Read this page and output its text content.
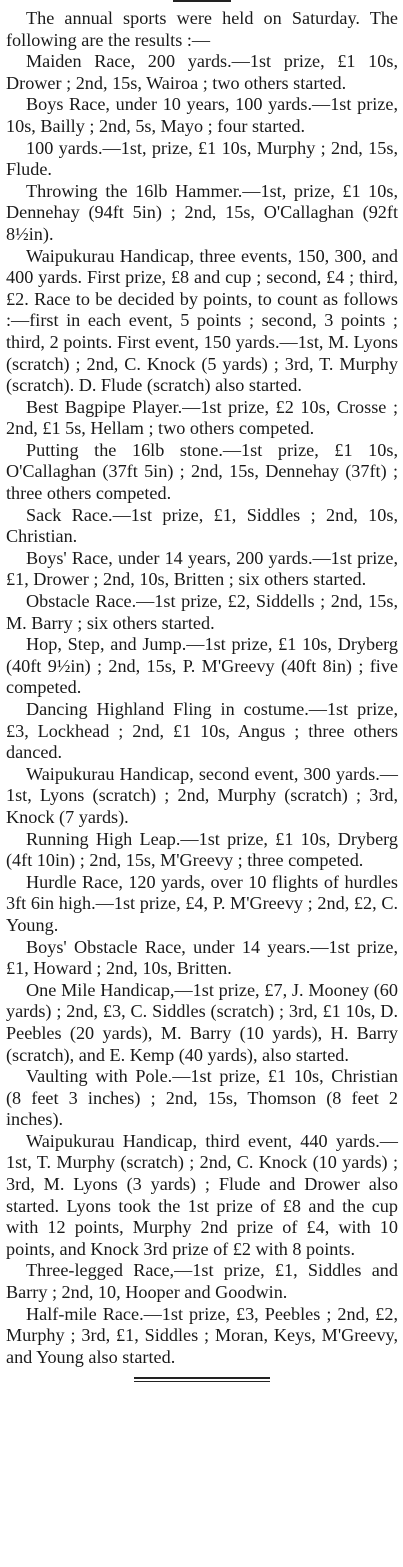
The annual sports were held on Saturday. The following are the results :—

Maiden Race, 200 yards.—1st prize, £1 10s, Drower ; 2nd, 15s, Wairoa ; two others started.

Boys Race, under 10 years, 100 yards.—1st prize, 10s, Bailly ; 2nd, 5s, Mayo ; four started.

100 yards.—1st, prize, £1 10s, Murphy ; 2nd, 15s, Flude.

Throwing the 16lb Hammer.—1st, prize, £1 10s, Dennehay (94ft 5in) ; 2nd, 15s, O'Callaghan (92ft 8½in).

Waipukurau Handicap, three events, 150, 300, and 400 yards. First prize, £8 and cup ; second, £4 ; third, £2. Race to be decided by points, to count as follows :—first in each event, 5 points ; second, 3 points ; third, 2 points. First event, 150 yards.—1st, M. Lyons (scratch) ; 2nd, C. Knock (5 yards) ; 3rd, T. Murphy (scratch). D. Flude (scratch) also started.

Best Bagpipe Player.—1st prize, £2 10s, Crosse ; 2nd, £1 5s, Hellam ; two others competed.

Putting the 16lb stone.—1st prize, £1 10s, O'Callaghan (37ft 5in) ; 2nd, 15s, Dennehay (37ft) ; three others competed.

Sack Race.—1st prize, £1, Siddles ; 2nd, 10s, Christian.

Boys' Race, under 14 years, 200 yards.—1st prize, £1, Drower ; 2nd, 10s, Britten ; six others started.

Obstacle Race.—1st prize, £2, Siddells ; 2nd, 15s, M. Barry ; six others started.

Hop, Step, and Jump.—1st prize, £1 10s, Dryberg (40ft 9½in) ; 2nd, 15s, P. M'Greevy (40ft 8in) ; five competed.

Dancing Highland Fling in costume.—1st prize, £3, Lockhead ; 2nd, £1 10s, Angus ; three others danced.

Waipukurau Handicap, second event, 300 yards.—1st, Lyons (scratch) ; 2nd, Murphy (scratch) ; 3rd, Knock (7 yards).

Running High Leap.—1st prize, £1 10s, Dryberg (4ft 10in) ; 2nd, 15s, M'Greevy ; three competed.

Hurdle Race, 120 yards, over 10 flights of hurdles 3ft 6in high.—1st prize, £4, P. M'Greevy ; 2nd, £2, C. Young.

Boys' Obstacle Race, under 14 years.—1st prize, £1, Howard ; 2nd, 10s, Britten.

One Mile Handicap,—1st prize, £7, J. Mooney (60 yards) ; 2nd, £3, C. Siddles (scratch) ; 3rd, £1 10s, D. Peebles (20 yards), M. Barry (10 yards), H. Barry (scratch), and E. Kemp (40 yards), also started.

Vaulting with Pole.—1st prize, £1 10s, Christian (8 feet 3 inches) ; 2nd, 15s, Thomson (8 feet 2 inches).

Waipukurau Handicap, third event, 440 yards.—1st, T. Murphy (scratch) ; 2nd, C. Knock (10 yards) ; 3rd, M. Lyons (3 yards) ; Flude and Drower also started. Lyons took the 1st prize of £8 and the cup with 12 points, Murphy 2nd prize of £4, with 10 points, and Knock 3rd prize of £2 with 8 points.

Three-legged Race,—1st prize, £1, Siddles and Barry ; 2nd, 10, Hooper and Goodwin.

Half-mile Race.—1st prize, £3, Peebles ; 2nd, £2, Murphy ; 3rd, £1, Siddles ; Moran, Keys, M'Greevy, and Young also started.
